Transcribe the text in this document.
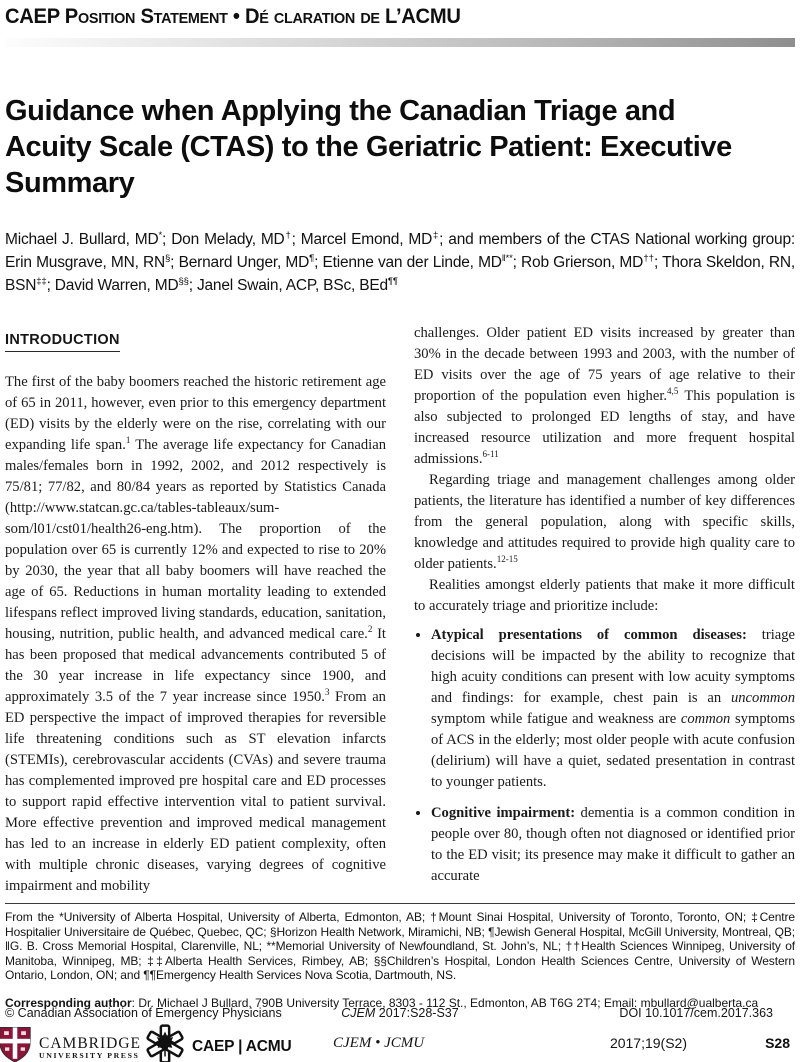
CAEP Position Statement • Dé claration de L’ACMU
Guidance when Applying the Canadian Triage and Acuity Scale (CTAS) to the Geriatric Patient: Executive Summary

Michael J. Bullard, MD*; Don Melady, MD†; Marcel Emond, MD‡; and members of the CTAS National working group: Erin Musgrave, MN, RN§; Bernard Unger, MD¶; Etienne van der Linde, MD‖**; Rob Grierson, MD††; Thora Skeldon, RN, BSN‡‡; David Warren, MD§§; Janel Swain, ACP, BSc, BEd¶¶

INTRODUCTION

The first of the baby boomers reached the historic retirement age of 65 in 2011, however, even prior to this emergency department (ED) visits by the elderly were on the rise, correlating with our expanding life span.$^1$ The average life expectancy for Canadian males/females born in 1992, 2002, and 2012 respectively is 75/81; 77/82, and 80/84 years as reported by Statistics Canada (http://www.statcan.gc.ca/tables-tableaux/sum-som/l01/cst01/health26-eng.htm). The proportion of the population over 65 is currently 12% and expected to rise to 20% by 2030, the year that all baby boomers will have reached the age of 65. Reductions in human mortality leading to extended lifespans reflect improved living standards, education, sanitation, housing, nutrition, public health, and advanced medical care.$^2$ It has been proposed that medical advancements contributed 5 of the 30 year increase in life expectancy since 1900, and approximately 3.5 of the 7 year increase since 1950.$^3$ From an ED perspective the impact of improved therapies for reversible life threatening conditions such as ST elevation infarcts (STEMIs), cerebrovascular accidents (CVAs) and severe trauma has complemented improved pre hospital care and ED processes to support rapid effective intervention vital to patient survival. More effective prevention and improved medical management has led to an increase in elderly ED patient complexity, often with multiple chronic diseases, varying degrees of cognitive impairment and mobility

challenges. Older patient ED visits increased by greater than 30% in the decade between 1993 and 2003, with the number of ED visits over the age of 75 years of age relative to their proportion of the population even higher.$^{4,5}$ This population is also subjected to prolonged ED lengths of stay, and have increased resource utilization and more frequent hospital admissions.$^{6-11}$

Regarding triage and management challenges among older patients, the literature has identified a number of key differences from the general population, along with specific skills, knowledge and attitudes required to provide high quality care to older patients.$^{12-15}$

Realities amongst elderly patients that make it more difficult to accurately triage and prioritize include:

• Atypical presentations of common diseases: triage decisions will be impacted by the ability to recognize that high acuity conditions can present with low acuity symptoms and findings: for example, chest pain is an uncommon symptom while fatigue and weakness are common symptoms of ACS in the elderly; most older people with acute confusion (delirium) will have a quiet, sedated presentation in contrast to younger patients.
• Cognitive impairment: dementia is a common condition in people over 80, though often not diagnosed or identified prior to the ED visit; its presence may make it difficult to gather an accurate

From the *University of Alberta Hospital, University of Alberta, Edmonton, AB; †Mount Sinai Hospital, University of Toronto, Toronto, ON; ‡Centre Hospitalier Universitaire de Québec, Quebec, QC; §Horizon Health Network, Miramichi, NB; ¶Jewish General Hospital, McGill University, Montreal, QB; ‖G. B. Cross Memorial Hospital, Clarenville, NL; **Memorial University of Newfoundland, St. John’s, NL; ††Health Sciences Winnipeg, University of Manitoba, Winnipeg, MB; ‡‡Alberta Health Services, Rimbey, AB; §§Children’s Hospital, London Health Sciences Centre, University of Western Ontario, London, ON; and ¶¶Emergency Health Services Nova Scotia, Dartmouth, NS.

Corresponding author: Dr. Michael J Bullard, 790B University Terrace, 8303 - 112 St., Edmonton, AB T6G 2T4; Email: mbullard@ualberta.ca

© Canadian Association of Emergency Physicians	CJEM 2017:S28-S37	DOI 10.1017/cem.2017.363
CAMBRIDGE
UNIVERSITY PRESS
CAEP | ACMU	CJEM • JCMU	2017;19(S2)	S28
